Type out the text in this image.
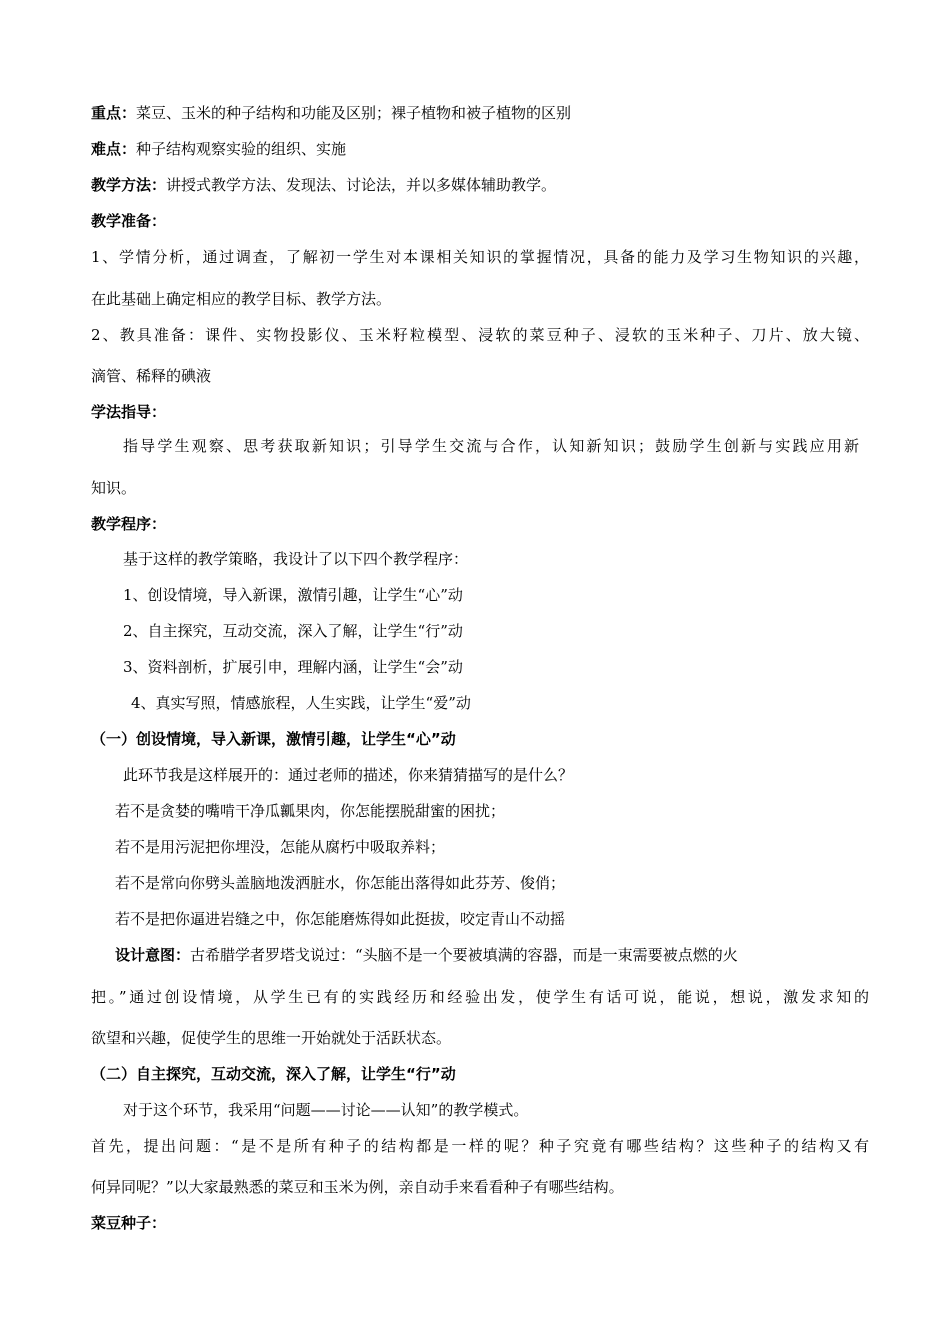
重点：菜豆、玉米的种子结构和功能及区别；裸子植物和被子植物的区别
难点：种子结构观察实验的组织、实施
教学方法：讲授式教学方法、发现法、讨论法，并以多媒体辅助教学。
教学准备：
1、学情分析，通过调查，了解初一学生对本课相关知识的掌握情况，具备的能力及学习生物知识的兴趣，
在此基础上确定相应的教学目标、教学方法。
2、教具准备：课件、实物投影仪、玉米籽粒模型、浸软的菜豆种子、浸软的玉米种子、刀片、放大镜、
滴管、稀释的碘液
学法指导：
指导学生观察、思考获取新知识；引导学生交流与合作，认知新知识；鼓励学生创新与实践应用新
知识。
教学程序：
基于这样的教学策略，我设计了以下四个教学程序：
1、创设情境，导入新课，激情引趣，让学生“心”动
2、自主探究，互动交流，深入了解，让学生“行”动
3、资料剖析，扩展引申，理解内涵，让学生“会”动
4、真实写照，情感旅程，人生实践，让学生“爱”动
（一）创设情境，导入新课，激情引趣，让学生“心”动
此环节我是这样展开的：通过老师的描述，你来猜猜描写的是什么？
若不是贪婪的嘴啃干净瓜瓤果肉，你怎能摆脱甜蜜的困扰；
若不是用污泥把你埋没，怎能从腐朽中吸取养料；
若不是常向你劈头盖脑地泼洒脏水，你怎能出落得如此芬芳、俊俏；
若不是把你逼进岩缝之中，你怎能磨炼得如此挺拔，咬定青山不动摇
设计意图：古希腊学者罗塔戈说过：“头脑不是一个要被填满的容器，而是一束需要被点燃的火
把。”通过创设情境，从学生已有的实践经历和经验出发，使学生有话可说，能说，想说，激发求知的
欲望和兴趣，促使学生的思维一开始就处于活跃状态。
（二）自主探究，互动交流，深入了解，让学生“行”动
对于这个环节，我采用“问题——讨论——认知”的教学模式。
首先，提出问题：“是不是所有种子的结构都是一样的呢？种子究竟有哪些结构？这些种子的结构又有
何异同呢？”以大家最熟悉的菜豆和玉米为例，亲自动手来看看种子有哪些结构。
菜豆种子：
